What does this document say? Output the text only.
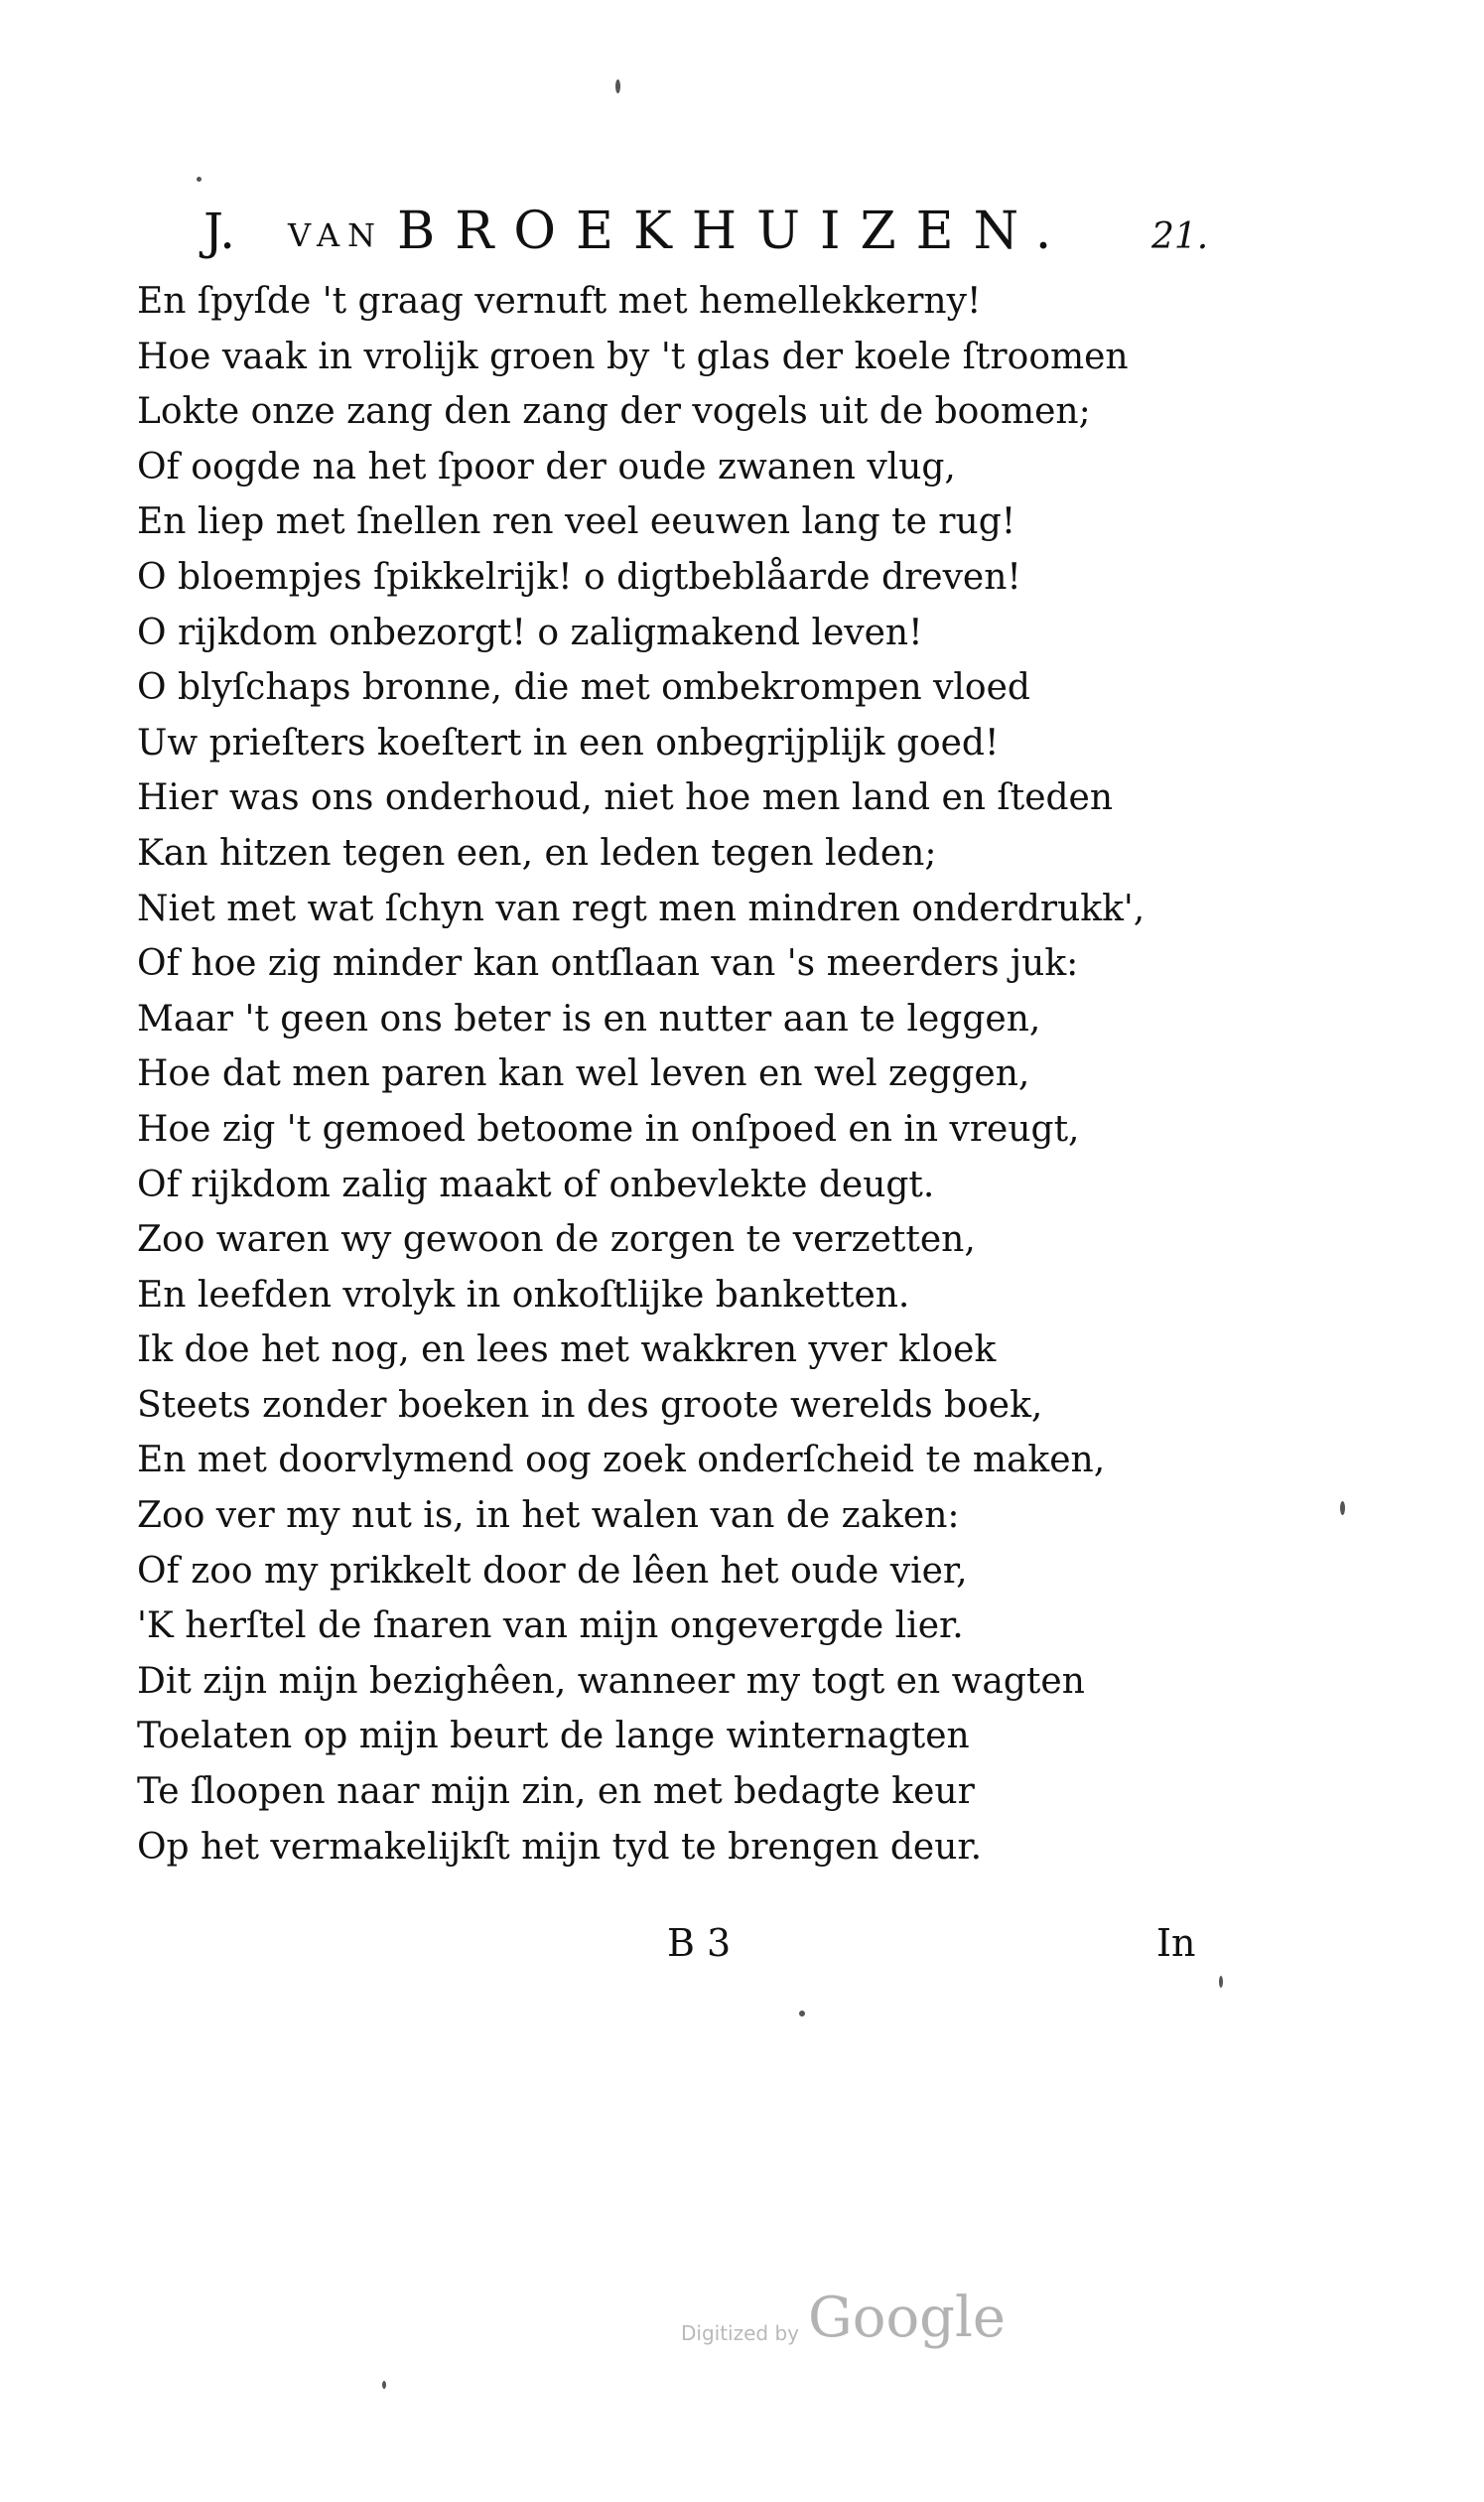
J. VAN BROEKHUIZEN. 21.
En ſpyſde 't graag vernuft met hemellekkerny!
Hoe vaak in vrolijk groen by 't glas der koele ſtroomen
Lokte onze zang den zang der vogels uit de boomen;
Of oogde na het ſpoor der oude zwanen vlug,
En liep met ſnellen ren veel eeuwen lang te rug!
O bloempjes ſpikkelrijk! o digtbeblåarde dreven!
O rijkdom onbezorgt! o zaligmakend leven!
O blyſchaps bronne, die met ombekrompen vloed
Uw prieſters koeſtert in een onbegrijplijk goed!
Hier was ons onderhoud, niet hoe men land en ſteden
Kan hitzen tegen een, en leden tegen leden;
Niet met wat ſchyn van regt men mindren onderdrukk',
Of hoe zig minder kan ontſlaan van 's meerders juk:
Maar 't geen ons beter is en nutter aan te leggen,
Hoe dat men paren kan wel leven en wel zeggen,
Hoe zig 't gemoed betoome in onſpoed en in vreugt,
Of rijkdom zalig maakt of onbevlekte deugt.
Zoo waren wy gewoon de zorgen te verzetten,
En leefden vrolyk in onkoſtlijke banketten.
Ik doe het nog, en lees met wakkren yver kloek
Steets zonder boeken in des groote werelds boek,
En met doorvlymend oog zoek onderſcheid te maken,
Zoo ver my nut is, in het walen van de zaken:
Of zoo my prikkelt door de lêen het oude vier,
'K herſtel de ſnaren van mijn ongevergde lier.
Dit zijn mijn bezighêen, wanneer my togt en wagten
Toelaten op mijn beurt de lange winternagten
Te ſloopen naar mijn zin, en met bedagte keur
Op het vermakelijkſt mijn tyd te brengen deur.
B 3	In
Digitized by Google
